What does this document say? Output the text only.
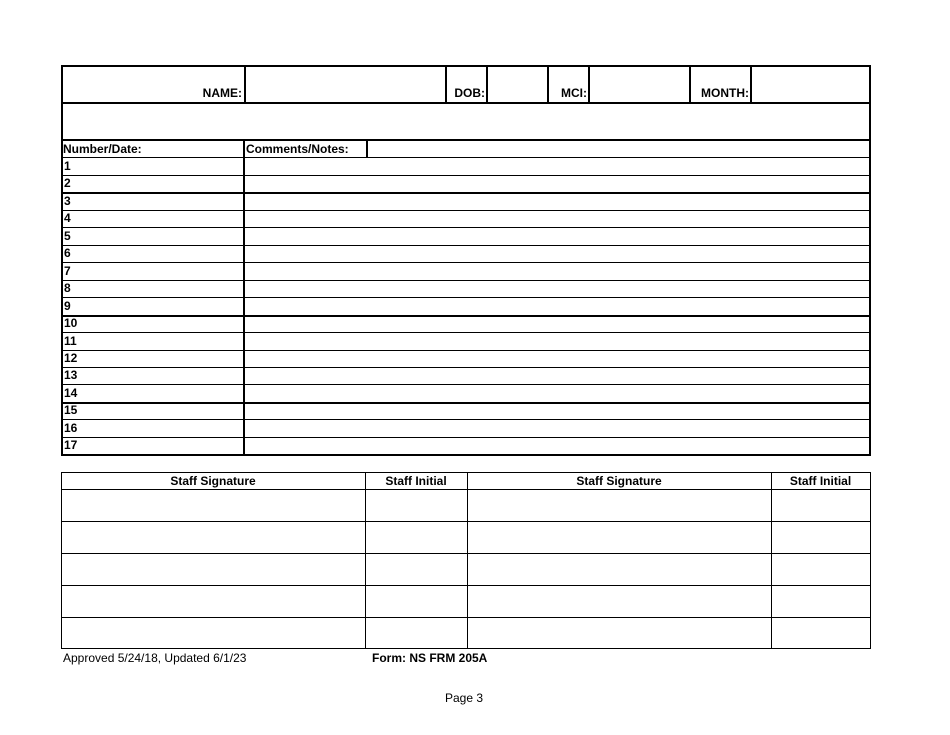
NAME:	DOB:	MCI:	MONTH:
Number/Date:	Comments/Notes:
1
2
3
4
5
6
7
8
9
10
11
12
13
14
15
16
17
Staff Signature	Staff Initial	Staff Signature	Staff Initial
Approved 5/24/18, Updated 6/1/23	Form: NS FRM 205A
Page 3
